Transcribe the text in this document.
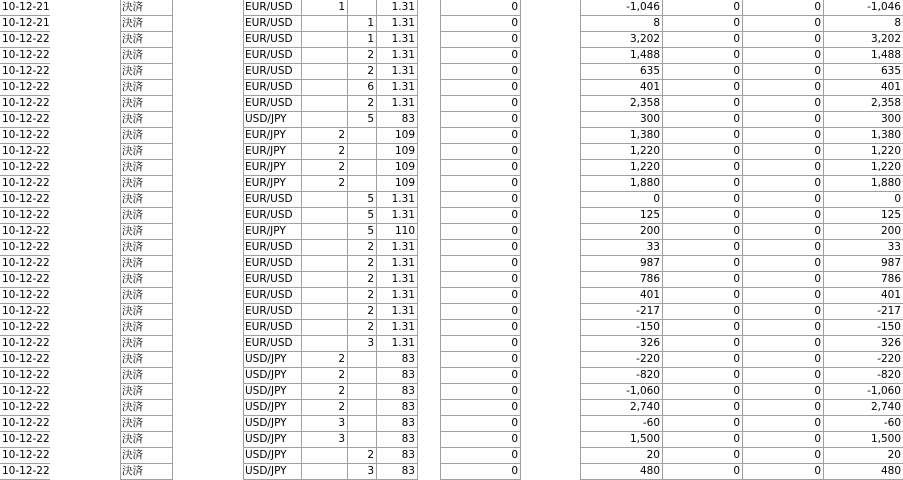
10-12-21	決済	EUR/USD	1	1.31	0	-1,046	0	0	-1,046
10-12-21	決済	EUR/USD	1	1.31	0	8	0	0	8
10-12-22	決済	EUR/USD	1	1.31	0	3,202	0	0	3,202
10-12-22	決済	EUR/USD	2	1.31	0	1,488	0	0	1,488
10-12-22	決済	EUR/USD	2	1.31	0	635	0	0	635
10-12-22	決済	EUR/USD	6	1.31	0	401	0	0	401
10-12-22	決済	EUR/USD	2	1.31	0	2,358	0	0	2,358
10-12-22	決済	USD/JPY	5	83	0	300	0	0	300
10-12-22	決済	EUR/JPY	2	109	0	1,380	0	0	1,380
10-12-22	決済	EUR/JPY	2	109	0	1,220	0	0	1,220
10-12-22	決済	EUR/JPY	2	109	0	1,220	0	0	1,220
10-12-22	決済	EUR/JPY	2	109	0	1,880	0	0	1,880
10-12-22	決済	EUR/USD	5	1.31	0	0	0	0	0
10-12-22	決済	EUR/USD	5	1.31	0	125	0	0	125
10-12-22	決済	EUR/JPY	5	110	0	200	0	0	200
10-12-22	決済	EUR/USD	2	1.31	0	33	0	0	33
10-12-22	決済	EUR/USD	2	1.31	0	987	0	0	987
10-12-22	決済	EUR/USD	2	1.31	0	786	0	0	786
10-12-22	決済	EUR/USD	2	1.31	0	401	0	0	401
10-12-22	決済	EUR/USD	2	1.31	0	-217	0	0	-217
10-12-22	決済	EUR/USD	2	1.31	0	-150	0	0	-150
10-12-22	決済	EUR/USD	3	1.31	0	326	0	0	326
10-12-22	決済	USD/JPY	2	83	0	-220	0	0	-220
10-12-22	決済	USD/JPY	2	83	0	-820	0	0	-820
10-12-22	決済	USD/JPY	2	83	0	-1,060	0	0	-1,060
10-12-22	決済	USD/JPY	2	83	0	2,740	0	0	2,740
10-12-22	決済	USD/JPY	3	83	0	-60	0	0	-60
10-12-22	決済	USD/JPY	3	83	0	1,500	0	0	1,500
10-12-22	決済	USD/JPY	2	83	0	20	0	0	20
10-12-22	決済	USD/JPY	3	83	0	480	0	0	480
